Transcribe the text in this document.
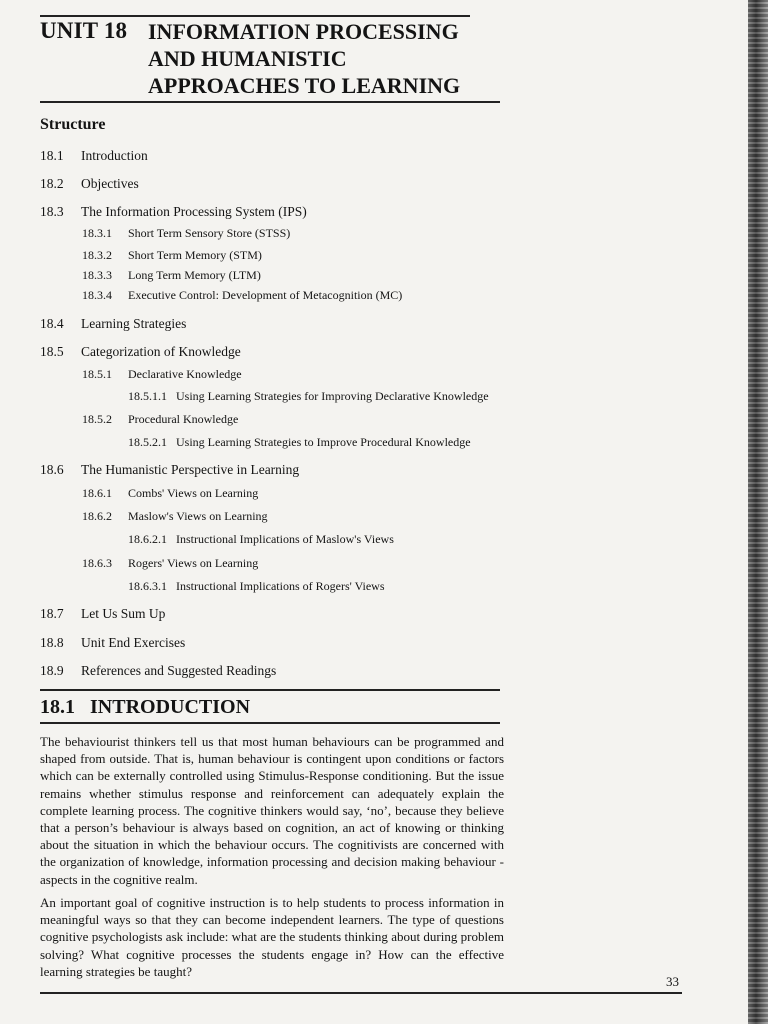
UNIT 18 INFORMATION PROCESSING
AND HUMANISTIC
APPROACHES TO LEARNING
Structure
18.1 Introduction
18.2 Objectives
18.3 The Information Processing System (IPS)
18.3.1 Short Term Sensory Store (STSS)
18.3.2 Short Term Memory (STM)
18.3.3 Long Term Memory (LTM)
18.3.4 Executive Control: Development of Metacognition (MC)
18.4 Learning Strategies
18.5 Categorization of Knowledge
18.5.1 Declarative Knowledge
18.5.1.1 Using Learning Strategies for Improving Declarative Knowledge
18.5.2 Procedural Knowledge
18.5.2.1 Using Learning Strategies to Improve Procedural Knowledge
18.6 The Humanistic Perspective in Learning
18.6.1 Combs' Views on Learning
18.6.2 Maslow's Views on Learning
18.6.2.1 Instructional Implications of Maslow's Views
18.6.3 Rogers' Views on Learning
18.6.3.1 Instructional Implications of Rogers' Views
18.7 Let Us Sum Up
18.8 Unit End Exercises
18.9 References and Suggested Readings
18.1 INTRODUCTION
The behaviourist thinkers tell us that most human behaviours can be programmed and shaped from outside. That is, human behaviour is contingent upon conditions or factors which can be externally controlled using Stimulus-Response conditioning. But the issue remains whether stimulus response and reinforcement can adequately explain the complete learning process. The cognitive thinkers would say, ‘no’, because they believe that a person’s behaviour is always based on cognition, an act of knowing or thinking about the situation in which the behaviour occurs. The cognitivists are concerned with the organization of knowledge, information processing and decision making behaviour - aspects in the cognitive realm.
An important goal of cognitive instruction is to help students to process information in meaningful ways so that they can become independent learners. The type of questions cognitive psychologists ask include: what are the students thinking about during problem solving? What cognitive processes the students engage in? How can the effective learning strategies be taught?
33
